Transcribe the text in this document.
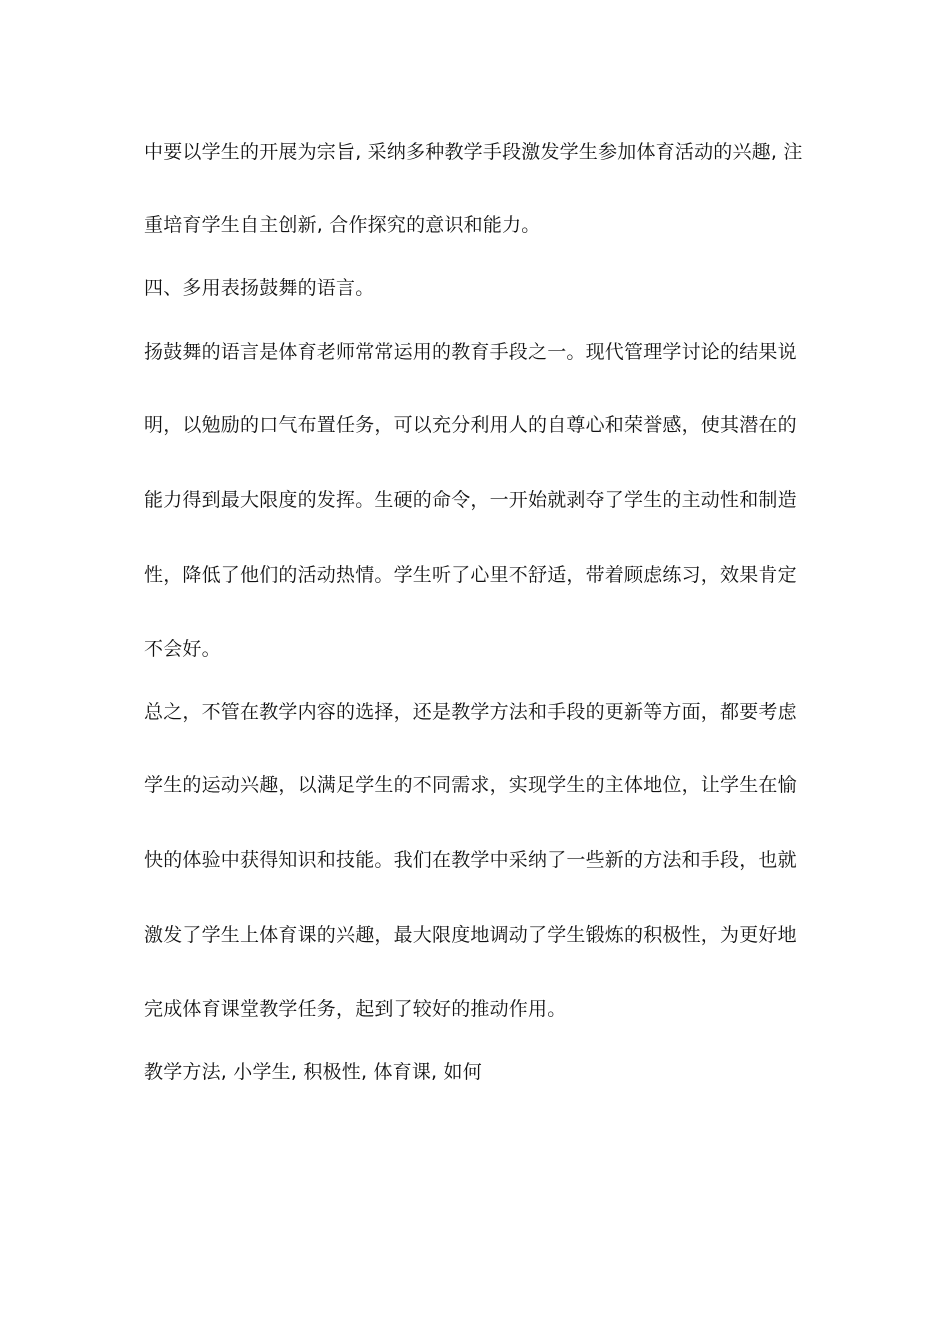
中要以学生的开展为宗旨, 采纳多种教学手段激发学生参加体育活动的兴趣, 注
重培育学生自主创新, 合作探究的意识和能力。
四、多用表扬鼓舞的语言。
扬鼓舞的语言是体育老师常常运用的教育手段之一。现代管理学讨论的结果说
明，以勉励的口气布置任务，可以充分利用人的自尊心和荣誉感，使其潜在的
能力得到最大限度的发挥。生硬的命令，一开始就剥夺了学生的主动性和制造
性，降低了他们的活动热情。学生听了心里不舒适，带着顾虑练习，效果肯定
不会好。
总之，不管在教学内容的选择，还是教学方法和手段的更新等方面，都要考虑
学生的运动兴趣，以满足学生的不同需求，实现学生的主体地位，让学生在愉
快的体验中获得知识和技能。我们在教学中采纳了一些新的方法和手段，也就
激发了学生上体育课的兴趣，最大限度地调动了学生锻炼的积极性，为更好地
完成体育课堂教学任务，起到了较好的推动作用。
教学方法, 小学生, 积极性, 体育课, 如何
